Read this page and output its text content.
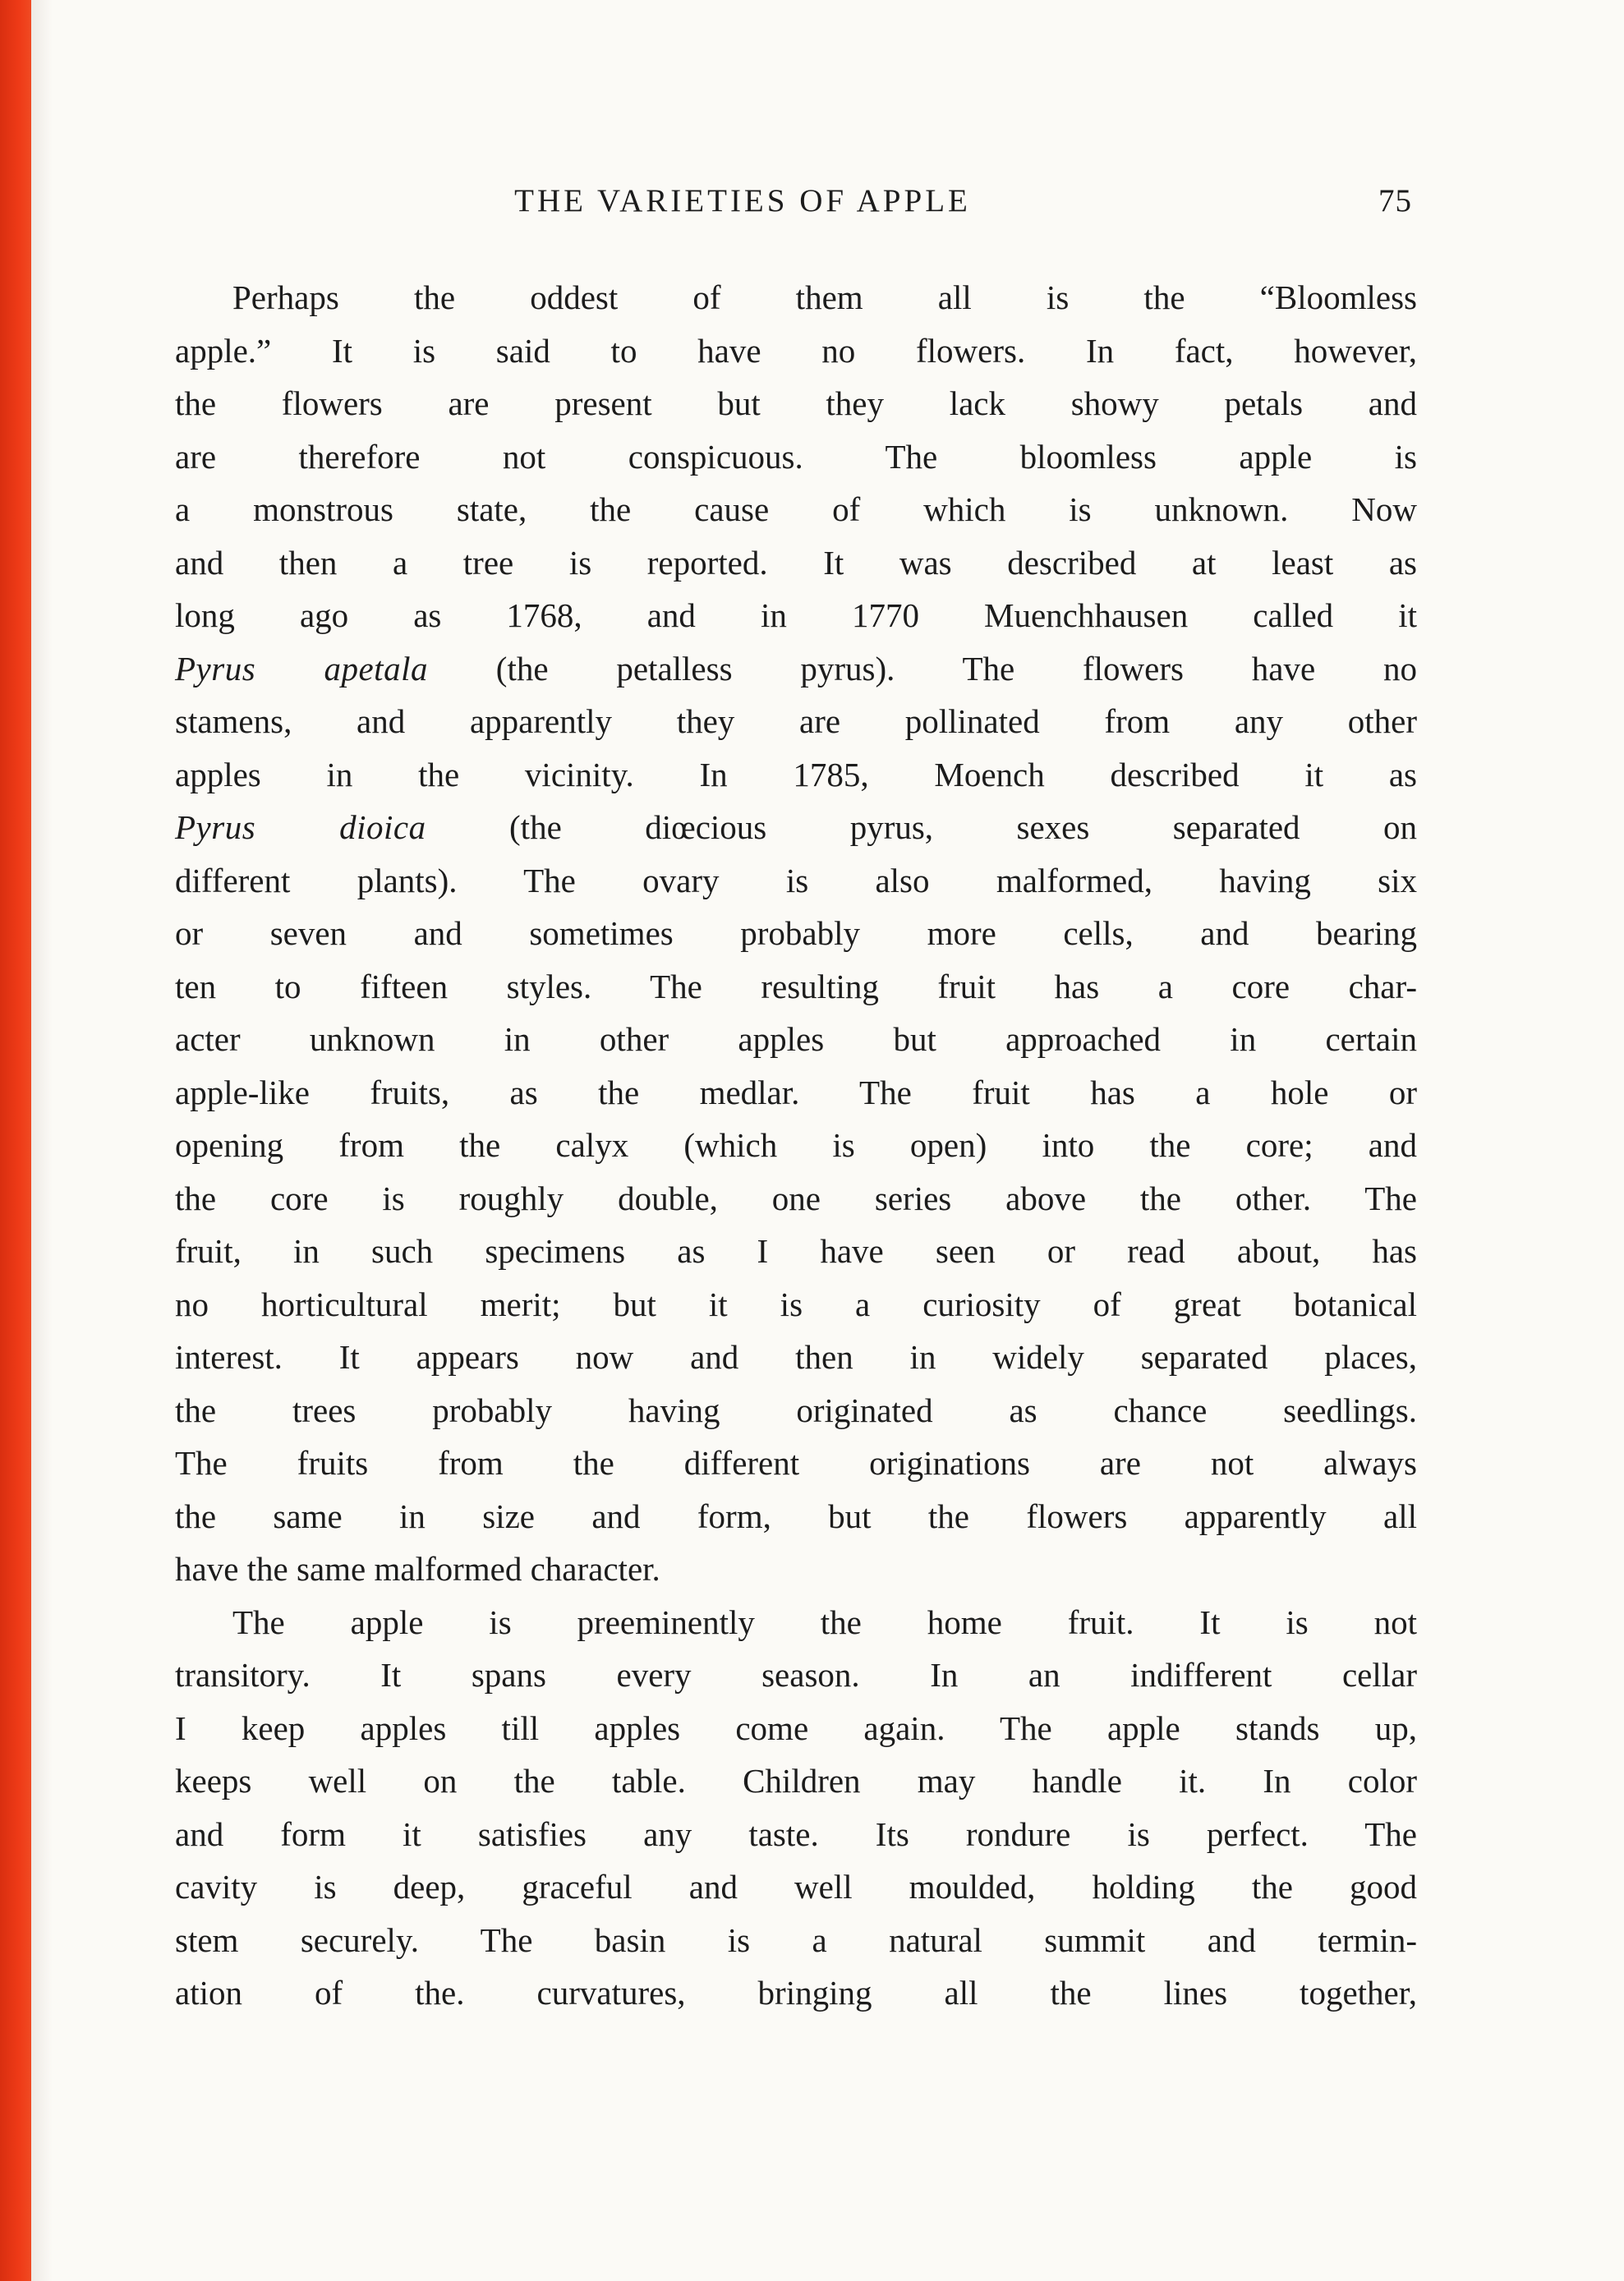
THE VARIETIES OF APPLE	75
Perhaps the oddest of them all is the “Bloomless
apple.” It is said to have no flowers. In fact, however,
the flowers are present but they lack showy petals and
are therefore not conspicuous. The bloomless apple is
a monstrous state, the cause of which is unknown. Now
and then a tree is reported. It was described at least as
long ago as 1768, and in 1770 Muenchhausen called it
Pyrus apetala (the petalless pyrus). The flowers have no
stamens, and apparently they are pollinated from any other
apples in the vicinity. In 1785, Moench described it as
Pyrus dioica (the diœcious pyrus, sexes separated on
different plants). The ovary is also malformed, having six
or seven and sometimes probably more cells, and bearing
ten to fifteen styles. The resulting fruit has a core char-
acter unknown in other apples but approached in certain
apple-like fruits, as the medlar. The fruit has a hole or
opening from the calyx (which is open) into the core; and
the core is roughly double, one series above the other. The
fruit, in such specimens as I have seen or read about, has
no horticultural merit; but it is a curiosity of great botanical
interest. It appears now and then in widely separated places,
the trees probably having originated as chance seedlings.
The fruits from the different originations are not always
the same in size and form, but the flowers apparently all
have the same malformed character.
The apple is preeminently the home fruit. It is not
transitory. It spans every season. In an indifferent cellar
I keep apples till apples come again. The apple stands up,
keeps well on the table. Children may handle it. In color
and form it satisfies any taste. Its rondure is perfect. The
cavity is deep, graceful and well moulded, holding the good
stem securely. The basin is a natural summit and termin-
ation of the. curvatures, bringing all the lines together,
